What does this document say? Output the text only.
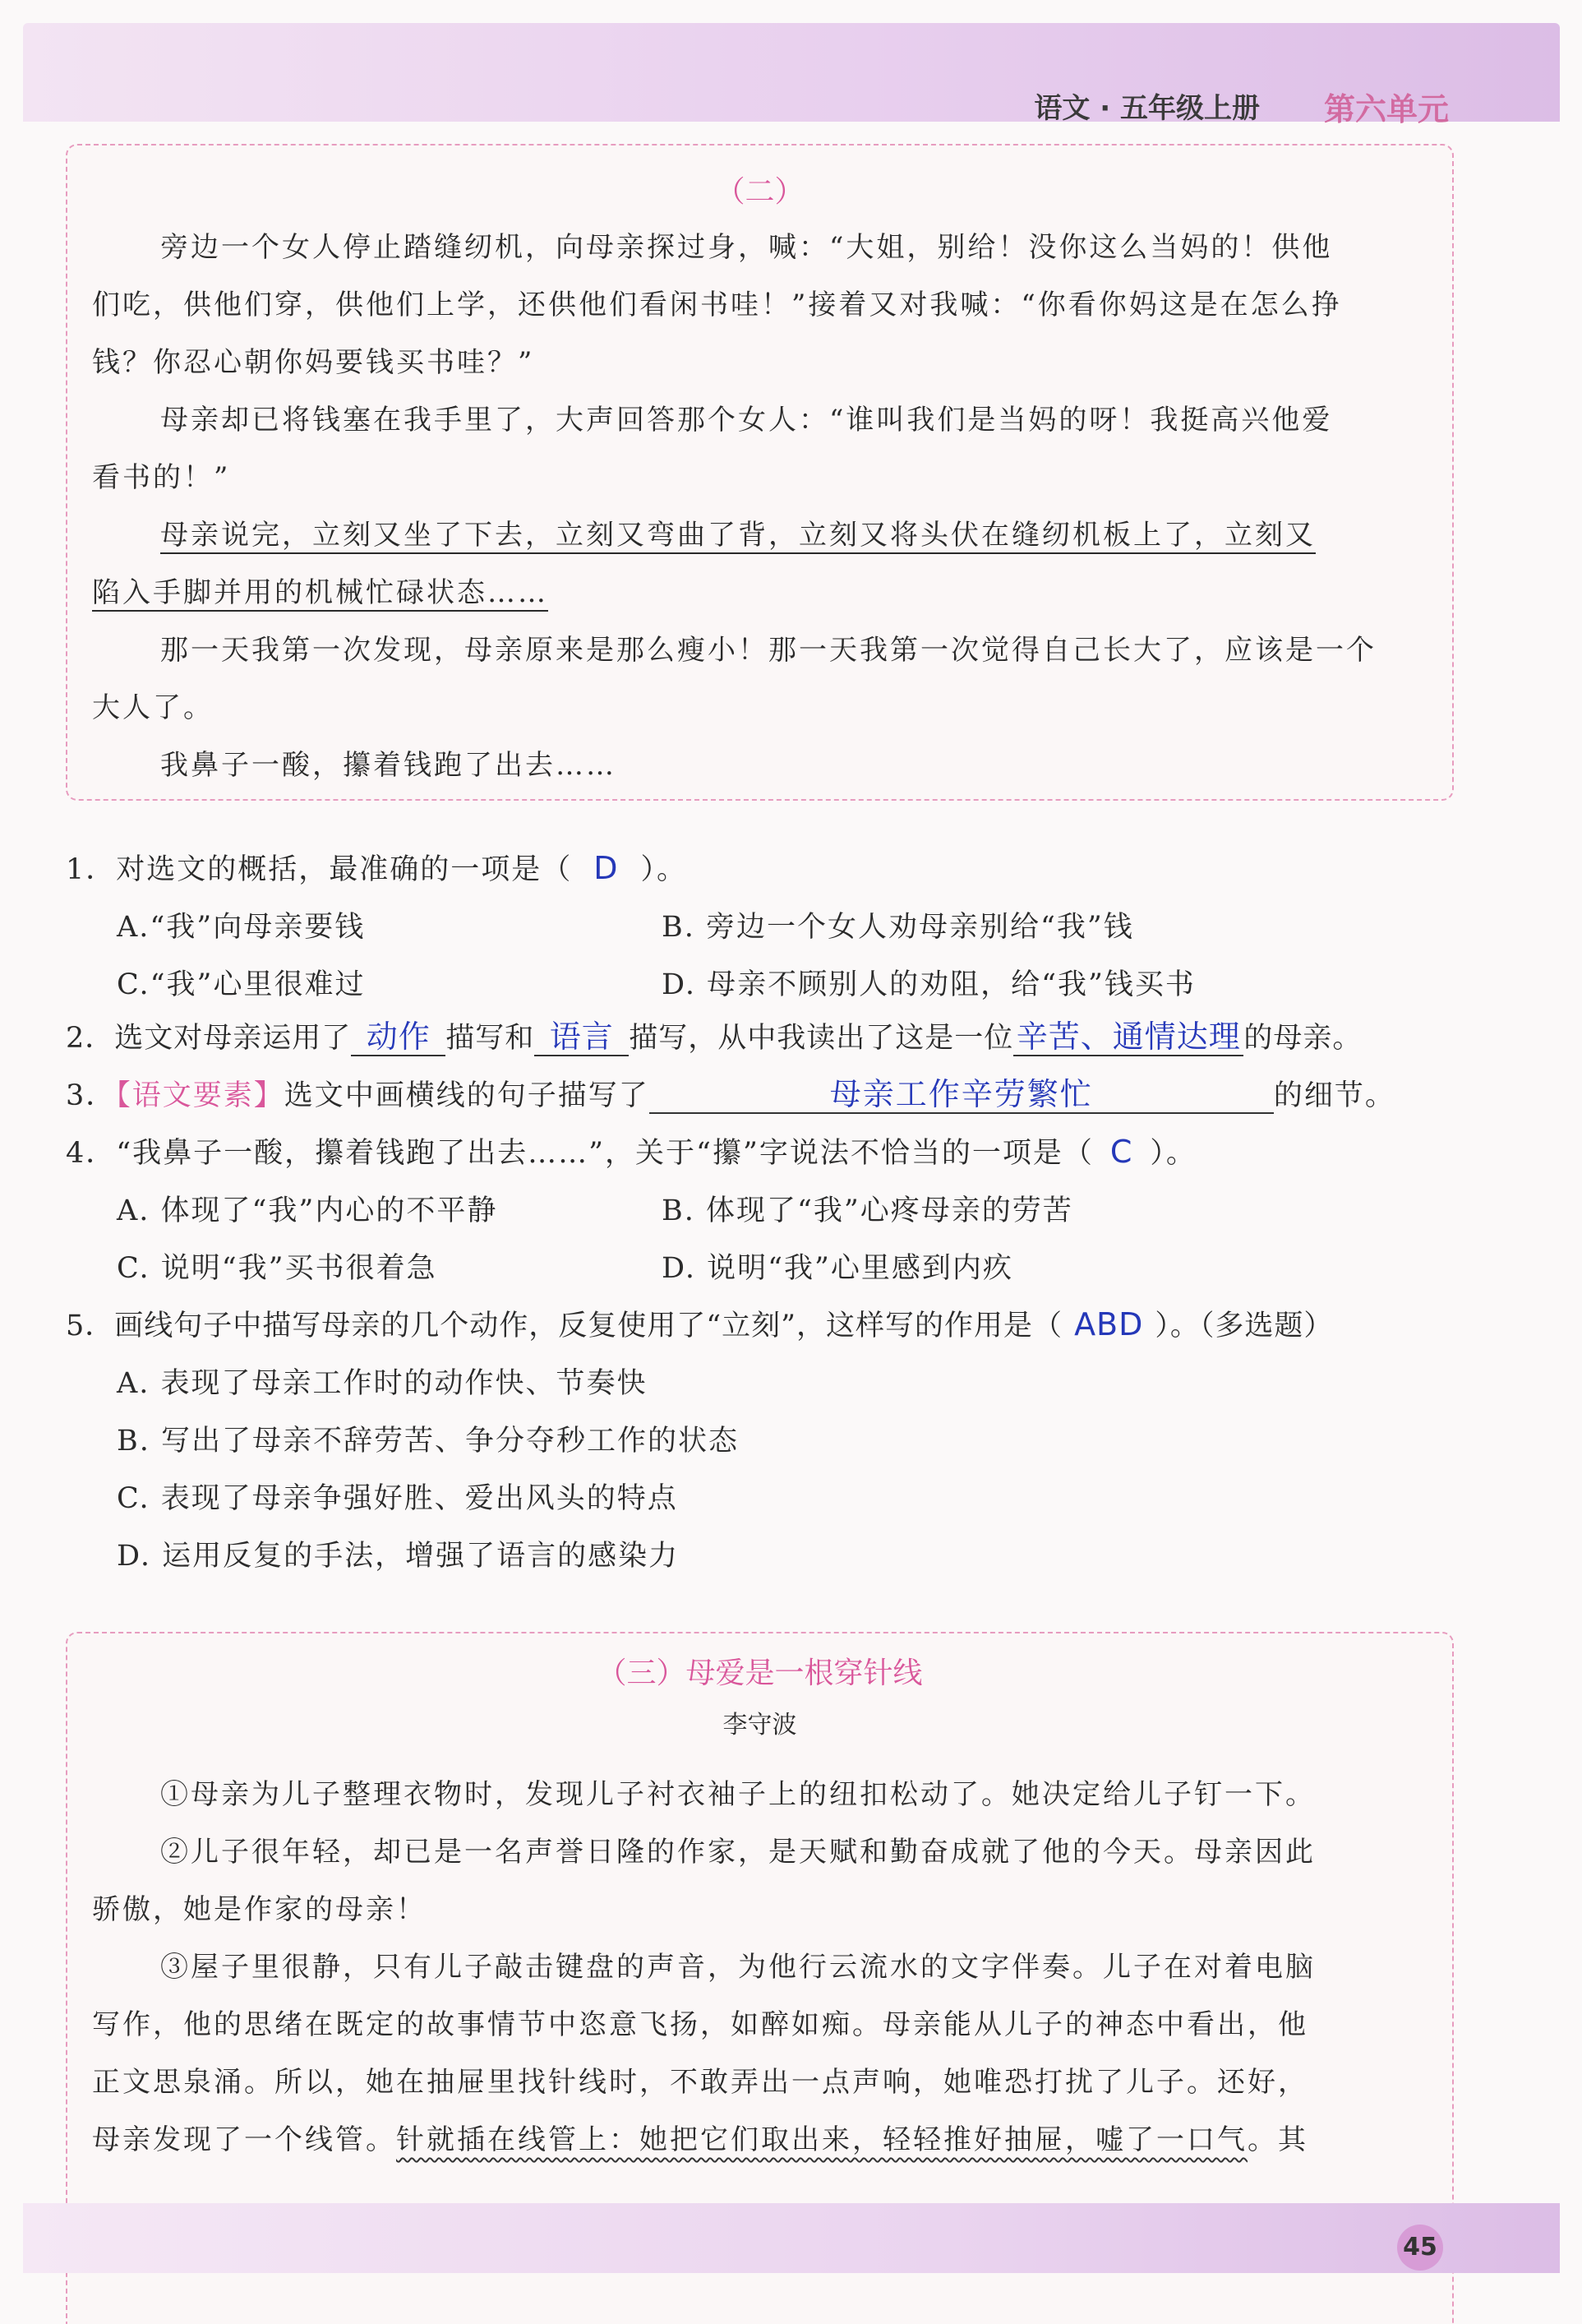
语文 · 五年级上册 第六单元
（二）
旁边一个女人停止踏缝纫机，向母亲探过身，喊：“大姐，别给！没你这么当妈的！供他
们吃，供他们穿，供他们上学，还供他们看闲书哇！”接着又对我喊：“你看你妈这是在怎么挣
钱？你忍心朝你妈要钱买书哇？”
母亲却已将钱塞在我手里了，大声回答那个女人：“谁叫我们是当妈的呀！我挺高兴他爱
看书的！”
母亲说完，立刻又坐了下去，立刻又弯曲了背，立刻又将头伏在缝纫机板上了，立刻又
陷入手脚并用的机械忙碌状态……
那一天我第一次发现，母亲原来是那么瘦小！那一天我第一次觉得自己长大了，应该是一个
大人了。
我鼻子一酸，攥着钱跑了出去……
1．对选文的概括，最准确的一项是（ D ）。
A.“我”向母亲要钱	B. 旁边一个女人劝母亲别给“我”钱
C.“我”心里很难过	D. 母亲不顾别人的劝阻，给“我”钱买书
2．选文对母亲运用了 动作 描写和 语言 描写，从中我读出了这是一位辛苦、通情达理 的母亲。
3．【语文要素】选文中画横线的句子描写了	母亲工作辛劳繁忙	的细节。
4．“我鼻子一酸，攥着钱跑了出去……”，关于“攥”字说法不恰当的一项是（ C ）。
A. 体现了“我”内心的不平静	B. 体现了“我”心疼母亲的劳苦
C. 说明“我”买书很着急	D. 说明“我”心里感到内疚
5．画线句子中描写母亲的几个动作，反复使用了“立刻”，这样写的作用是（ ABD ）。（多选题）
A. 表现了母亲工作时的动作快、节奏快
B. 写出了母亲不辞劳苦、争分夺秒工作的状态
C. 表现了母亲争强好胜、爱出风头的特点
D. 运用反复的手法，增强了语言的感染力
（三）母爱是一根穿针线
李守波
①母亲为儿子整理衣物时，发现儿子衬衣袖子上的纽扣松动了。她决定给儿子钉一下。
②儿子很年轻，却已是一名声誉日隆的作家，是天赋和勤奋成就了他的今天。母亲因此
骄傲，她是作家的母亲！
③屋子里很静，只有儿子敲击键盘的声音，为他行云流水的文字伴奏。儿子在对着电脑
写作，他的思绪在既定的故事情节中恣意飞扬，如醉如痴。母亲能从儿子的神态中看出，他
正文思泉涌。所以，她在抽屉里找针线时，不敢弄出一点声响，她唯恐打扰了儿子。还好，
母亲发现了一个线管。针就插在线管上：她把它们取出来，轻轻推好抽屉，嘘了一口气。其
45
